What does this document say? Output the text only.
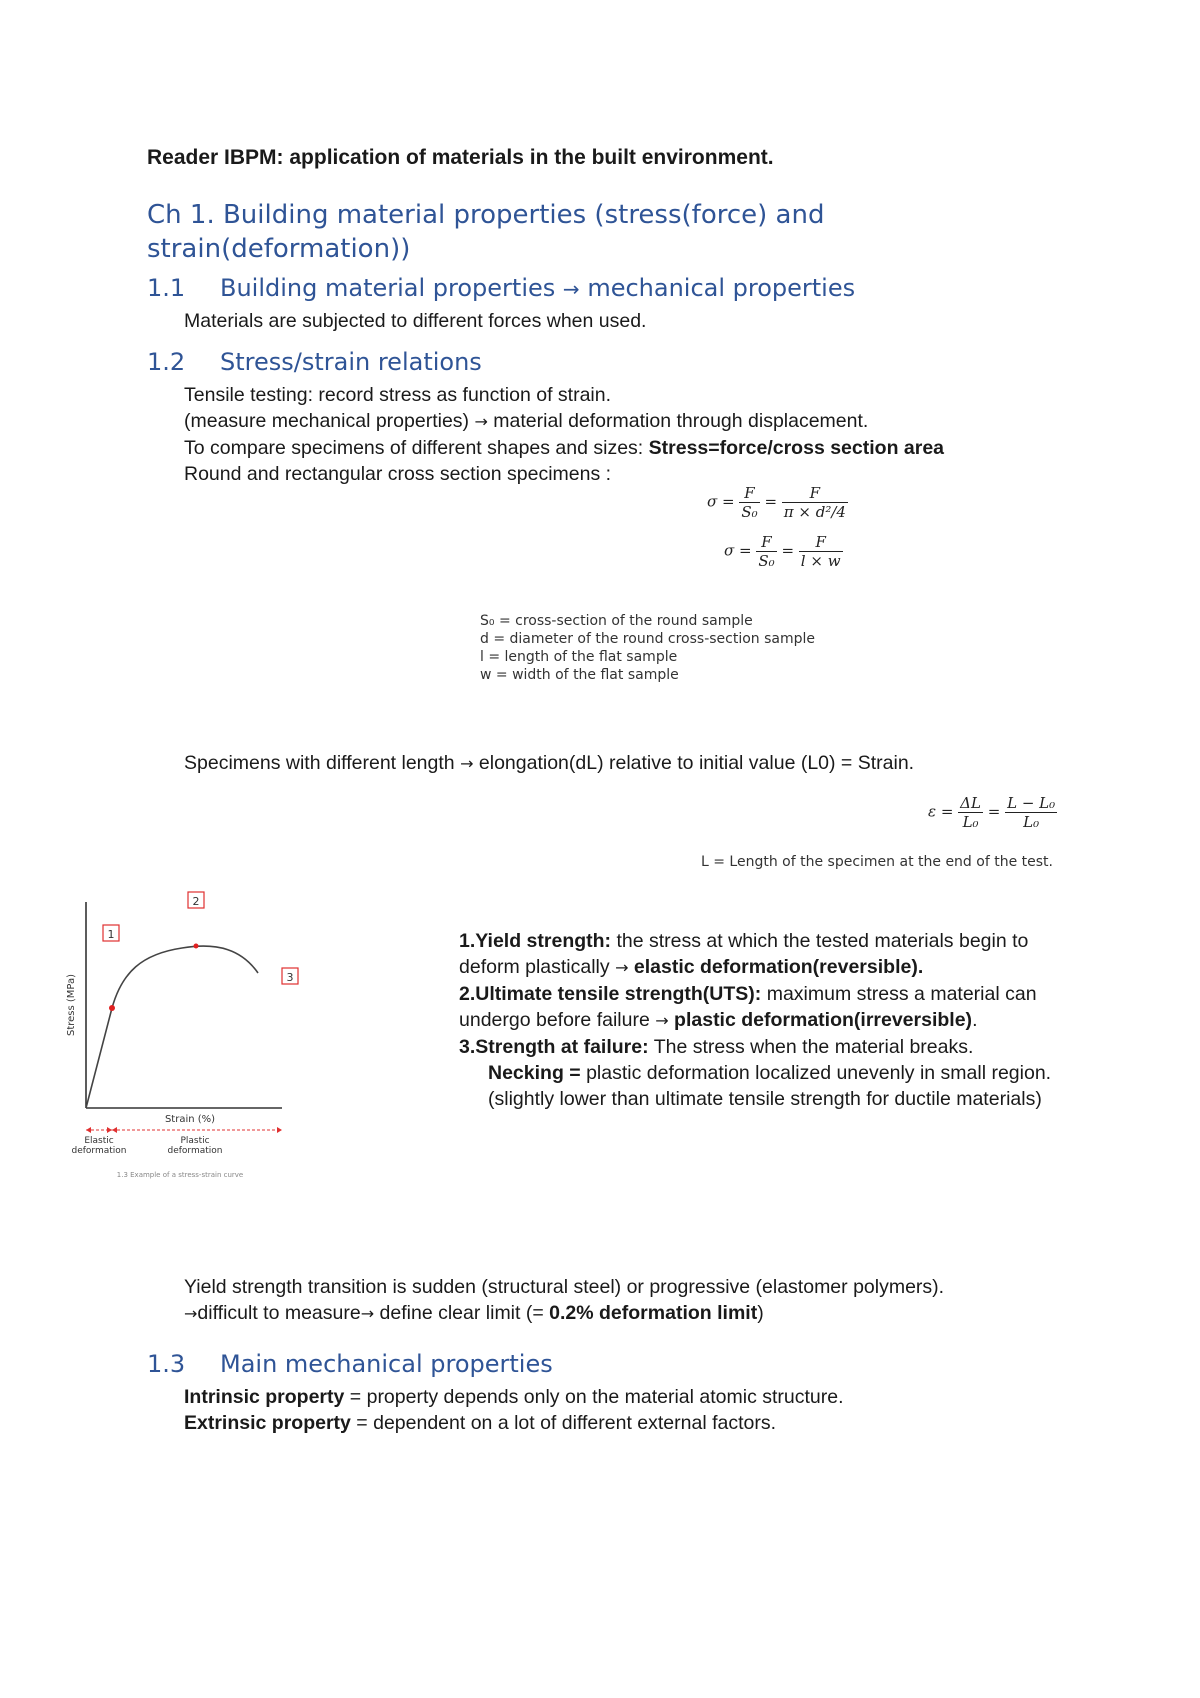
Reader IBPM: application of materials in the built environment.
Ch 1. Building material properties (stress(force) and strain(deformation))
1.1 Building material properties → mechanical properties
Materials are subjected to different forces when used.
1.2 Stress/strain relations
Tensile testing: record stress as function of strain.
(measure mechanical properties) → material deformation through displacement.
To compare specimens of different shapes and sizes: Stress=force/cross section area
Round and rectangular cross section specimens :
$\sigma = \frac{F}{\text{S₀}} = \frac{F}{\text{π × d²/4}}$
$\sigma = \frac{F}{\text{S₀}} = \frac{F}{l \times w}$
S₀ = cross-section of the round sample
d = diameter of the round cross-section sample
l = length of the flat sample
w = width of the flat sample
Specimens with different length → elongation(dL) relative to initial value (L0) = Strain.
$\varepsilon = \frac{\Delta L}{\text{L₀}} = \frac{\text{L − L₀}}{\text{L₀}}$
L = Length of the specimen at the end of the test.
1
2
3
Stress (MPa)
Strain (%)
Elastic
deformation
Plastic
deformation
1.3 Example of a stress-strain curve
1.Yield strength: the stress at which the tested materials begin to deform plastically → elastic deformation(reversible).
2.Ultimate tensile strength(UTS): maximum stress a material can undergo before failure → plastic deformation(irreversible).
3.Strength at failure: The stress when the material breaks.
Necking = plastic deformation localized unevenly in small region.(slightly lower than ultimate tensile strength for ductile materials)
Yield strength transition is sudden (structural steel) or progressive (elastomer polymers).
→difficult to measure→ define clear limit (= 0.2% deformation limit)
1.3 Main mechanical properties
Intrinsic property = property depends only on the material atomic structure.
Extrinsic property = dependent on a lot of different external factors.
